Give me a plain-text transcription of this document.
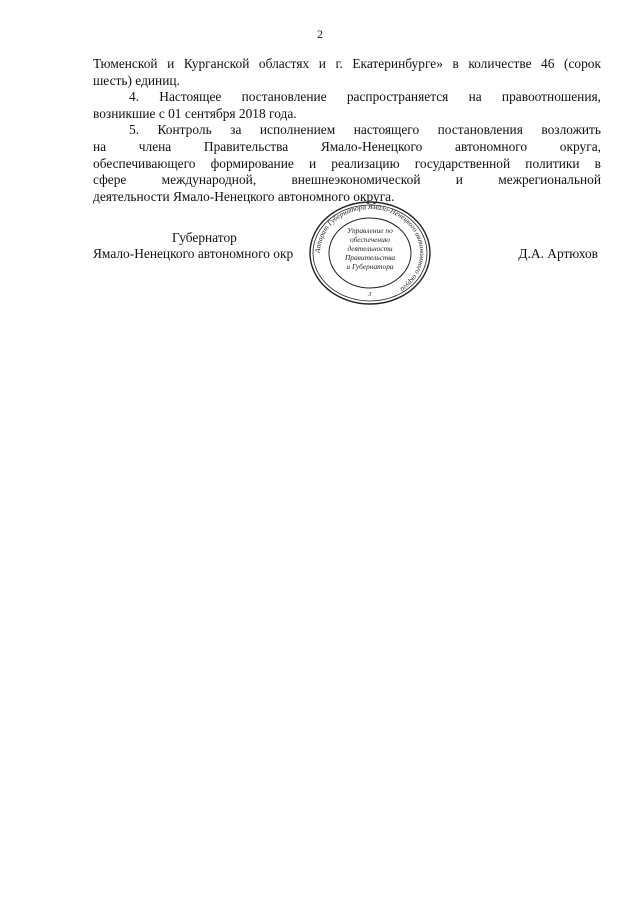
2

Тюменской и Курганской областях и г. Екатеринбурге» в количестве 46 (сорок

шесть) единиц.

4. Настоящее постановление распространяется на правоотношения,

возникшие с 01 сентября 2018 года.

5. Контроль за исполнением настоящего постановления возложить

на члена Правительства Ямало-Ненецкого автономного округа,

обеспечивающего формирование и реализацию государственной политики в

сфере международной, внешнеэкономической и межрегиональной

деятельности Ямало-Ненецкого автономного округа.

Губернатор
Ямало-Ненецкого автономного окр	Д.А. Артюхов
Аппарат Губернатора Ямало-Ненецкого автономного округа
Управление по
обеспечению
деятельности
Правительства
и Губернатора
3
